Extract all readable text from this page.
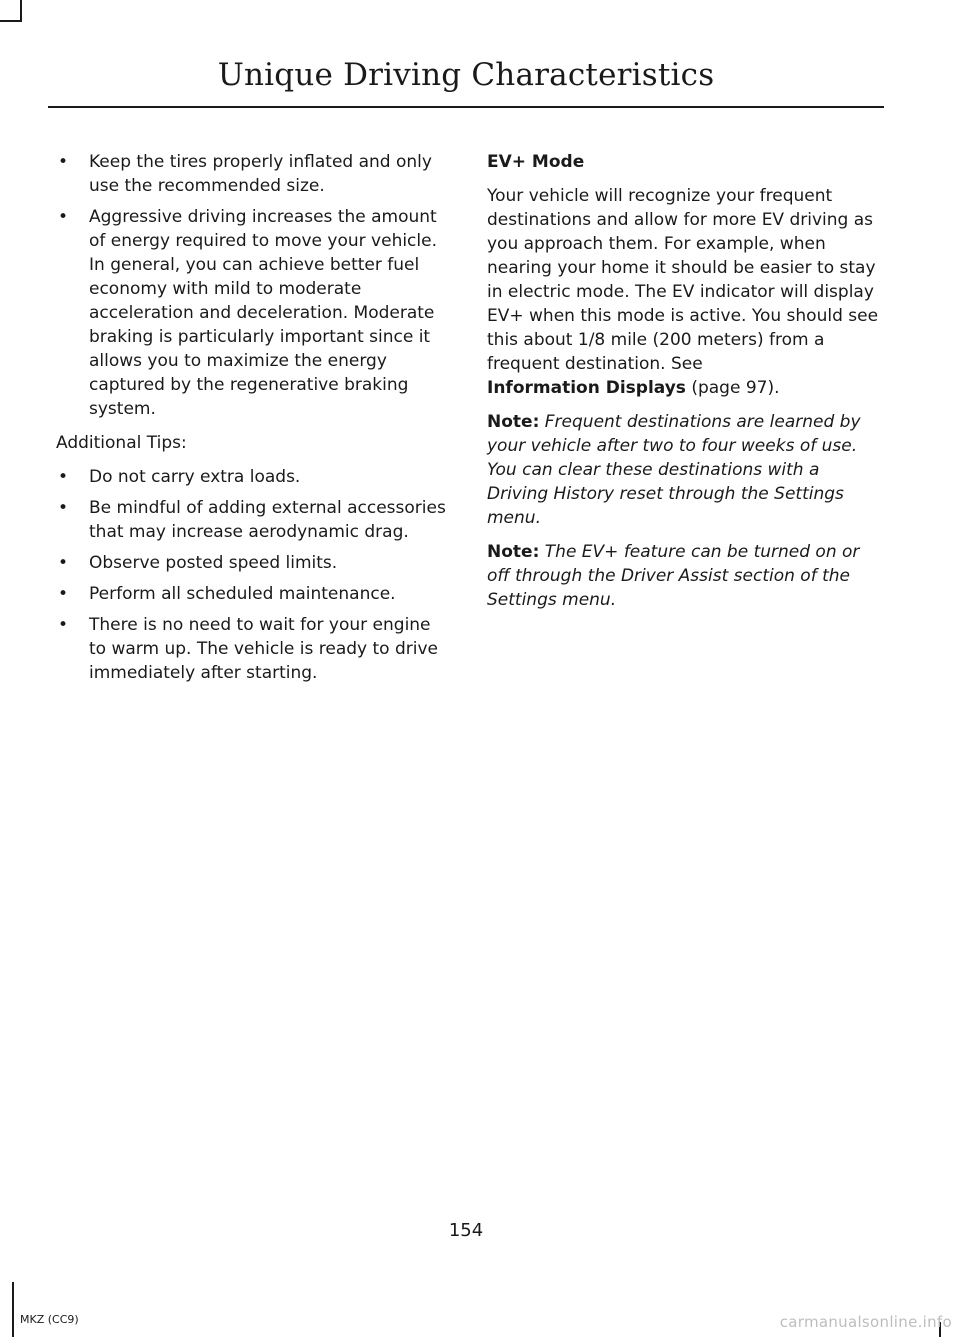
Unique Driving Characteristics
• Keep the tires properly inflated and only use the recommended size.
• Aggressive driving increases the amount of energy required to move your vehicle. In general, you can achieve better fuel economy with mild to moderate acceleration and deceleration. Moderate braking is particularly important since it allows you to maximize the energy captured by the regenerative braking system.

Additional Tips:

• Do not carry extra loads.
• Be mindful of adding external accessories that may increase aerodynamic drag.
• Observe posted speed limits.
• Perform all scheduled maintenance.
• There is no need to wait for your engine to warm up. The vehicle is ready to drive immediately after starting.

EV+ Mode

Your vehicle will recognize your frequent destinations and allow for more EV driving as you approach them. For example, when nearing your home it should be easier to stay in electric mode. The EV indicator will display EV+ when this mode is active. You should see this about 1/8 mile (200 meters) from a frequent destination. See
Information Displays (page 97).

Note: Frequent destinations are learned by your vehicle after two to four weeks of use. You can clear these destinations with a Driving History reset through the Settings menu.

Note: The EV+ feature can be turned on or off through the Driver Assist section of the Settings menu.

154
MKZ (CC9)	carmanualsonline.info
